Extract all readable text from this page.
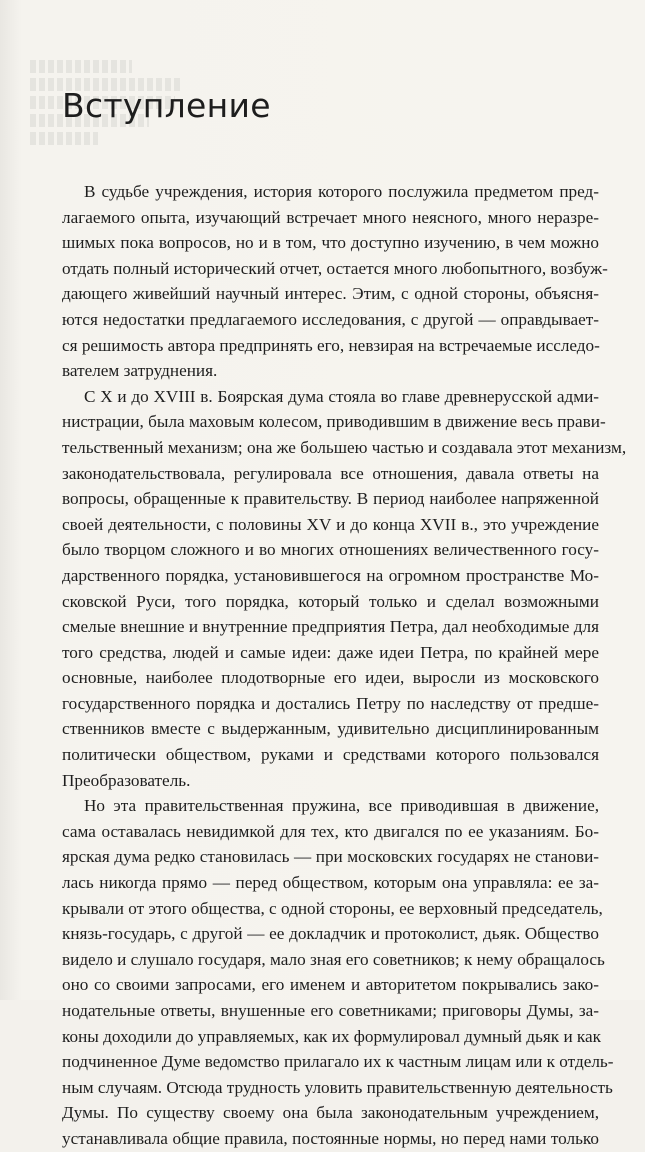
Вступление

В судьбе учреждения, история которого послужила предметом пред-
лагаемого опыта, изучающий встречает много неясного, много неразре-
шимых пока вопросов, но и в том, что доступно изучению, в чем можно
отдать полный исторический отчет, остается много любопытного, возбуж-
дающего живейший научный интерес. Этим, с одной стороны, объясня-
ются недостатки предлагаемого исследования, с другой — оправдывает-
ся решимость автора предпринять его, невзирая на встречаемые исследо-
вателем затруднения.

С X и до XVIII в. Боярская дума стояла во главе древнерусской адми-
нистрации, была маховым колесом, приводившим в движение весь прави-
тельственный механизм; она же большею частью и создавала этот механизм,
законодательствовала, регулировала все отношения, давала ответы на
вопросы, обращенные к правительству. В период наиболее напряженной
своей деятельности, с половины XV и до конца XVII в., это учреждение
было творцом сложного и во многих отношениях величественного госу-
дарственного порядка, установившегося на огромном пространстве Мо-
сковской Руси, того порядка, который только и сделал возможными
смелые внешние и внутренние предприятия Петра, дал необходимые для
того средства, людей и самые идеи: даже идеи Петра, по крайней мере
основные, наиболее плодотворные его идеи, выросли из московского
государственного порядка и достались Петру по наследству от предше-
ственников вместе с выдержанным, удивительно дисциплинированным
политически обществом, руками и средствами которого пользовался
Преобразователь.

Но эта правительственная пружина, все приводившая в движение,
сама оставалась невидимкой для тех, кто двигался по ее указаниям. Бо-
ярская дума редко становилась — при московских государях не станови-
лась никогда прямо — перед обществом, которым она управляла: ее за-
крывали от этого общества, с одной стороны, ее верховный председатель,
князь-государь, с другой — ее докладчик и протоколист, дьяк. Общество
видело и слушало государя, мало зная его советников; к нему обращалось
оно со своими запросами, его именем и авторитетом покрывались зако-
нодательные ответы, внушенные его советниками; приговоры Думы, за-
коны доходили до управляемых, как их формулировал думный дьяк и как
подчиненное Думе ведомство прилагало их к частным лицам или к отдель-
ным случаям. Отсюда трудность уловить правительственную деятельность
Думы. По существу своему она была законодательным учреждением,
устанавливала общие правила, постоянные нормы, но перед нами только
